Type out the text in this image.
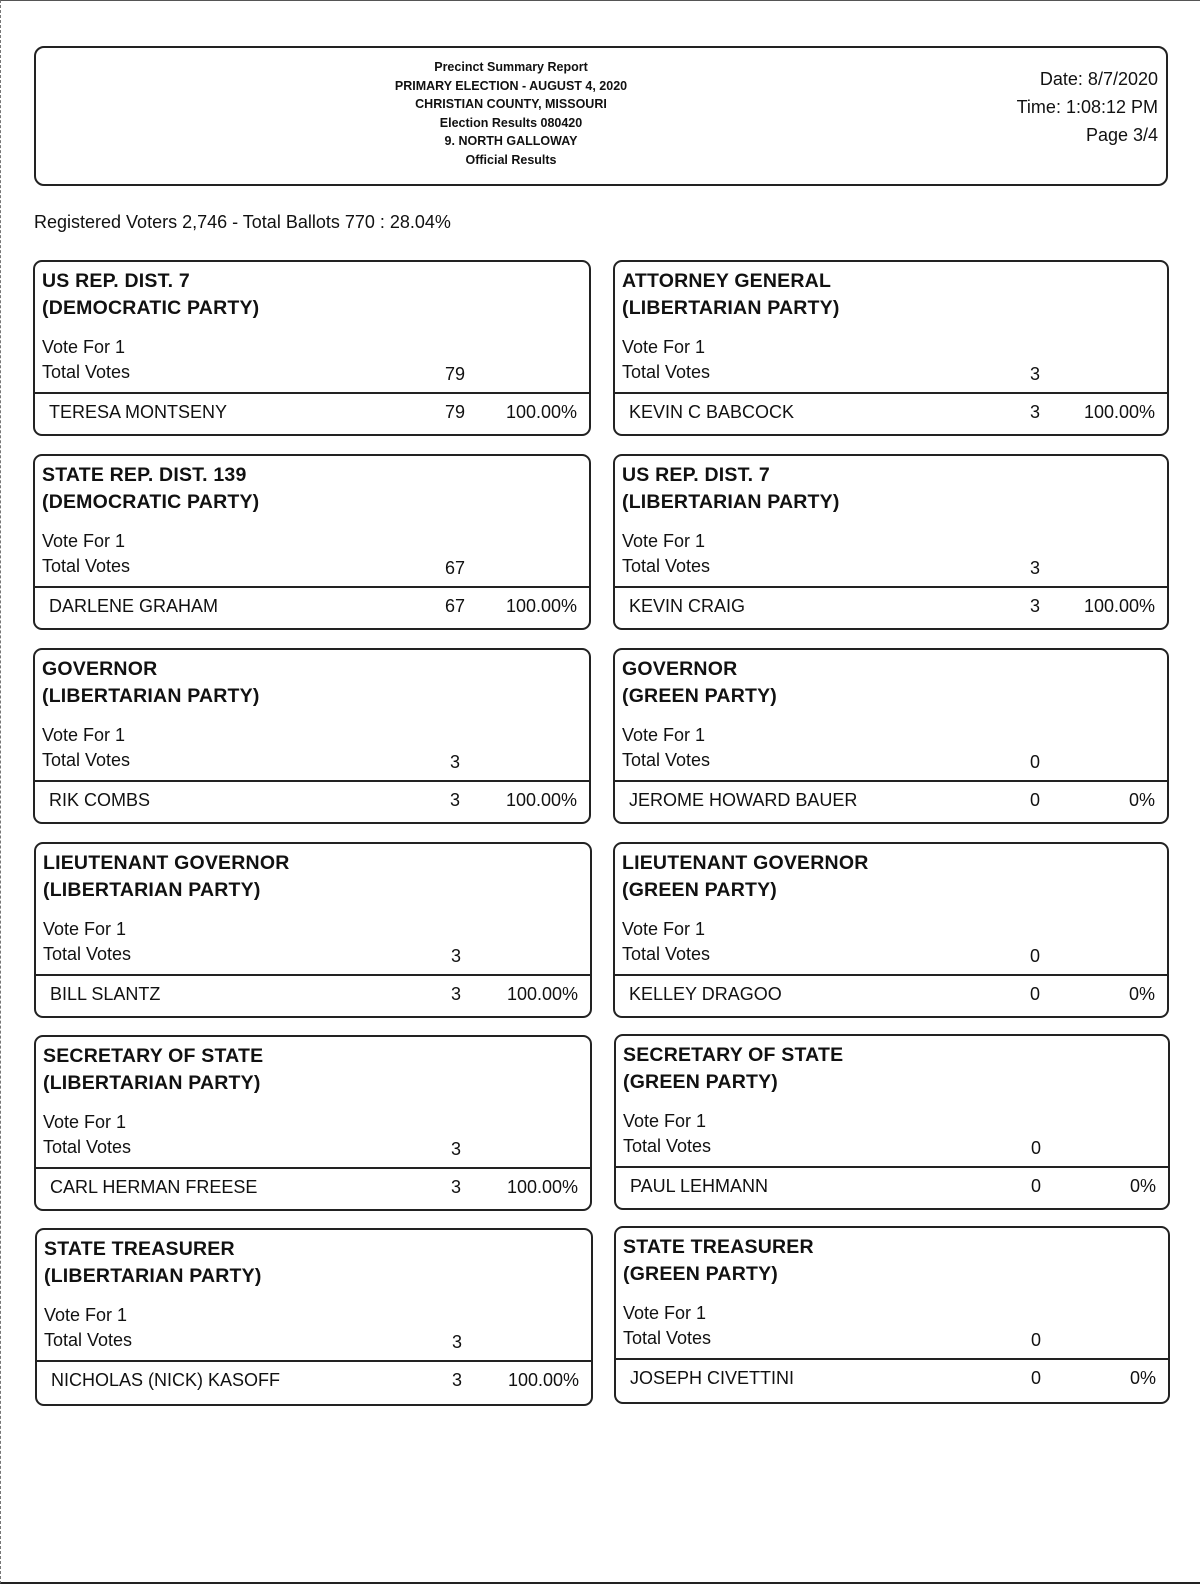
Precinct Summary Report
PRIMARY ELECTION - AUGUST 4, 2020
CHRISTIAN COUNTY, MISSOURI
Election Results 080420
9. NORTH GALLOWAY
Official Results
Date: 8/7/2020
Time: 1:08:12 PM
Page 3/4
Registered Voters 2,746 - Total Ballots 770 : 28.04%
US REP. DIST. 7
(DEMOCRATIC PARTY)
Vote For 1
Total Votes	79
TERESA MONTSENY	79	100.00%
ATTORNEY GENERAL
(LIBERTARIAN PARTY)
Vote For 1
Total Votes	3
KEVIN C BABCOCK	3	100.00%
STATE REP. DIST. 139
(DEMOCRATIC PARTY)
Vote For 1
Total Votes	67
DARLENE GRAHAM	67	100.00%
US REP. DIST. 7
(LIBERTARIAN PARTY)
Vote For 1
Total Votes	3
KEVIN CRAIG	3	100.00%
GOVERNOR
(LIBERTARIAN PARTY)
Vote For 1
Total Votes	3
RIK COMBS	3	100.00%
GOVERNOR
(GREEN PARTY)
Vote For 1
Total Votes	0
JEROME HOWARD BAUER	0	0%
LIEUTENANT GOVERNOR
(LIBERTARIAN PARTY)
Vote For 1
Total Votes	3
BILL SLANTZ	3	100.00%
LIEUTENANT GOVERNOR
(GREEN PARTY)
Vote For 1
Total Votes	0
KELLEY DRAGOO	0	0%
SECRETARY OF STATE
(LIBERTARIAN PARTY)
Vote For 1
Total Votes	3
CARL HERMAN FREESE	3	100.00%
SECRETARY OF STATE
(GREEN PARTY)
Vote For 1
Total Votes	0
PAUL LEHMANN	0	0%
STATE TREASURER
(LIBERTARIAN PARTY)
Vote For 1
Total Votes	3
NICHOLAS (NICK) KASOFF	3	100.00%
STATE TREASURER
(GREEN PARTY)
Vote For 1
Total Votes	0
JOSEPH CIVETTINI	0	0%
